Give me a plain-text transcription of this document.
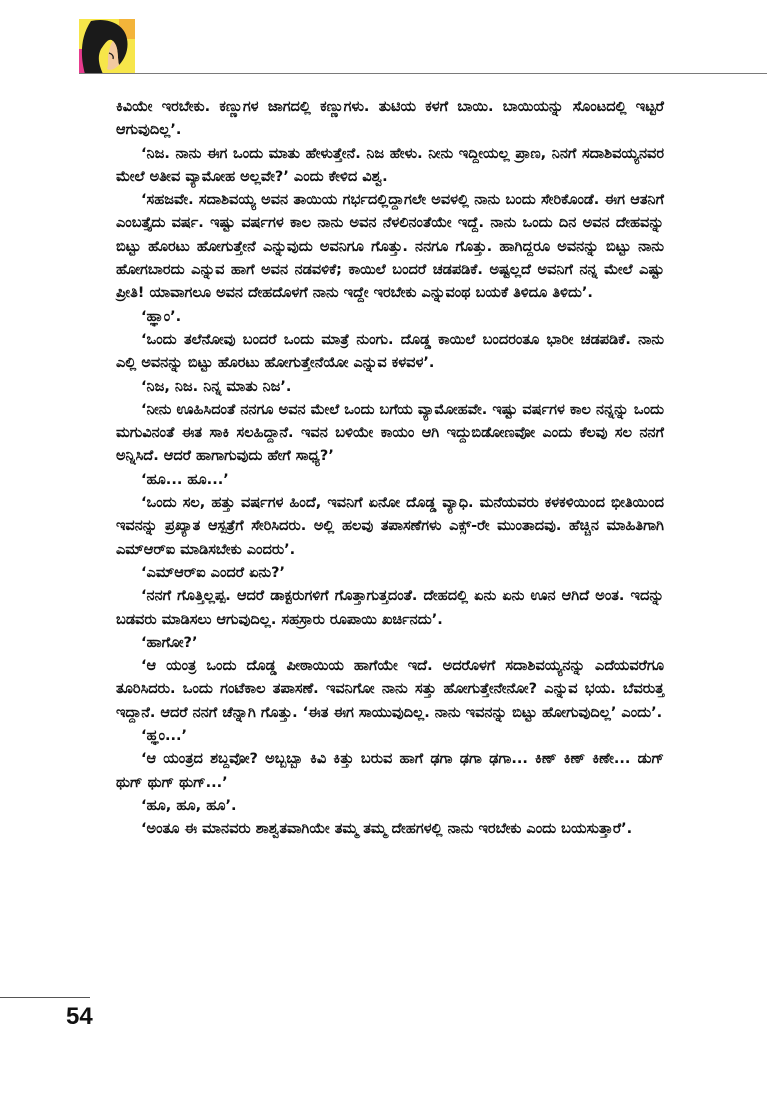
ಕಿವಿಯೇ ಇರಬೇಕು. ಕಣ್ಣುಗಳ ಜಾಗದಲ್ಲಿ ಕಣ್ಣುಗಳು. ತುಟಿಯ ಕಳಗೆ ಬಾಯಿ. ಬಾಯಿಯನ್ನು ಸೊಂಟದಲ್ಲಿ ಇಟ್ಟರೆ ಆಗುವುದಿಲ್ಲ’.

‘ನಿಜ. ನಾನು ಈಗ ಒಂದು ಮಾತು ಹೇಳುತ್ತೇನೆ. ನಿಜ ಹೇಳು. ನೀನು ಇದ್ದೀಯಲ್ಲ ಪ್ರಾಣ, ನಿನಗೆ ಸದಾಶಿವಯ್ಯನವರ ಮೇಲೆ ಅತೀವ ವ್ಯಾಮೋಹ ಅಲ್ಲವೇ?’ ಎಂದು ಕೇಳಿದ ವಿಶ್ವ.

‘ಸಹಜವೇ. ಸದಾಶಿವಯ್ಯ ಅವನ ತಾಯಿಯ ಗರ್ಭದಲ್ಲಿದ್ದಾಗಲೇ ಅವಳಲ್ಲಿ ನಾನು ಬಂದು ಸೇರಿಕೊಂಡೆ. ಈಗ ಆತನಿಗೆ ಎಂಬತ್ತೈದು ವರ್ಷ. ಇಷ್ಟು ವರ್ಷಗಳ ಕಾಲ ನಾನು ಅವನ ನೆಳಲಿನಂತೆಯೇ ಇದ್ದೆ. ನಾನು ಒಂದು ದಿನ ಅವನ ದೇಹವನ್ನು ಬಿಟ್ಟು ಹೊರಟು ಹೋಗುತ್ತೇನೆ ಎನ್ನುವುದು ಅವನಿಗೂ ಗೊತ್ತು. ನನಗೂ ಗೊತ್ತು. ಹಾಗಿದ್ದರೂ ಅವನನ್ನು ಬಿಟ್ಟು ನಾನು ಹೋಗಬಾರದು ಎನ್ನುವ ಹಾಗೆ ಅವನ ನಡವಳಿಕೆ; ಕಾಯಿಲೆ ಬಂದರೆ ಚಡಪಡಿಕೆ. ಅಷ್ಟಲ್ಲದೆ ಅವನಿಗೆ ನನ್ನ ಮೇಲೆ ಎಷ್ಟು ಪ್ರೀತಿ! ಯಾವಾಗಲೂ ಅವನ ದೇಹದೊಳಗೆ ನಾನು ಇದ್ದೇ ಇರಬೇಕು ಎನ್ನುವಂಥ ಬಯಕೆ ತಿಳಿದೂ ತಿಳಿದು’.

‘ಹ್ಞಾಂ’.

‘ಒಂದು ತಲೆನೋವು ಬಂದರೆ ಒಂದು ಮಾತ್ರೆ ನುಂಗು. ದೊಡ್ಡ ಕಾಯಿಲೆ ಬಂದರಂತೂ ಭಾರೀ ಚಡಪಡಿಕೆ. ನಾನು ಎಲ್ಲಿ ಅವನನ್ನು ಬಿಟ್ಟು ಹೊರಟು ಹೋಗುತ್ತೇನೆಯೋ ಎನ್ನುವ ಕಳವಳ’.

‘ನಿಜ, ನಿಜ. ನಿನ್ನ ಮಾತು ನಿಜ’.

‘ನೀನು ಊಹಿಸಿದಂತೆ ನನಗೂ ಅವನ ಮೇಲೆ ಒಂದು ಬಗೆಯ ವ್ಯಾಮೋಹವೇ. ಇಷ್ಟು ವರ್ಷಗಳ ಕಾಲ ನನ್ನನ್ನು ಒಂದು ಮಗುವಿನಂತೆ ಈತ ಸಾಕಿ ಸಲಹಿದ್ದಾನೆ. ಇವನ ಬಳಿಯೇ ಕಾಯಂ ಆಗಿ ಇದ್ದುಬಿಡೋಣವೋ ಎಂದು ಕೆಲವು ಸಲ ನನಗೆ ಅನ್ನಿಸಿದೆ. ಆದರೆ ಹಾಗಾಗುವುದು ಹೇಗೆ ಸಾಧ್ಯ?’

‘ಹೂ... ಹೂ...’

‘ಒಂದು ಸಲ, ಹತ್ತು ವರ್ಷಗಳ ಹಿಂದೆ, ಇವನಿಗೆ ಏನೋ ದೊಡ್ಡ ವ್ಯಾಧಿ. ಮನೆಯವರು ಕಳಕಳಿಯಿಂದ ಭೀತಿಯಿಂದ ಇವನನ್ನು ಪ್ರಖ್ಯಾತ ಆಸ್ಪತ್ರೆಗೆ ಸೇರಿಸಿದರು. ಅಲ್ಲಿ ಹಲವು ತಪಾಸಣೆಗಳು ಎಕ್ಸ್-ರೇ ಮುಂತಾದವು. ಹೆಚ್ಚಿನ ಮಾಹಿತಿಗಾಗಿ ಎಮ್‌ಆರ್‌ಐ ಮಾಡಿಸಬೇಕು ಎಂದರು’.

‘ಎಮ್‌ಆರ್‌ಐ ಎಂದರೆ ಏನು?’

‘ನನಗೆ ಗೊತ್ತಿಲ್ಲಪ್ಪ. ಆದರೆ ಡಾಕ್ಟರುಗಳಿಗೆ ಗೊತ್ತಾಗುತ್ತದಂತೆ. ದೇಹದಲ್ಲಿ ಏನು ಏನು ಊನ ಆಗಿದೆ ಅಂತ. ಇದನ್ನು ಬಡವರು ಮಾಡಿಸಲು ಆಗುವುದಿಲ್ಲ. ಸಹಸ್ರಾರು ರೂಪಾಯಿ ಖರ್ಚಿನದು’.

‘ಹಾಗೋ?’

‘ಆ ಯಂತ್ರ ಒಂದು ದೊಡ್ಡ ಪೀಠಾಯಿಯ ಹಾಗೆಯೇ ಇದೆ. ಅದರೊಳಗೆ ಸದಾಶಿವಯ್ಯನನ್ನು ಎದೆಯವರೆಗೂ ತೂರಿಸಿದರು. ಒಂದು ಗಂಟೆಕಾಲ ತಪಾಸಣೆ. ಇವನಿಗೋ ನಾನು ಸತ್ತು ಹೋಗುತ್ತೇನೇನೋ? ಎನ್ನುವ ಭಯ. ಬೆವರುತ್ತ ಇದ್ದಾನೆ. ಆದರೆ ನನಗೆ ಚೆನ್ನಾಗಿ ಗೊತ್ತು. ‘ಈತ ಈಗ ಸಾಯುವುದಿಲ್ಲ. ನಾನು ಇವನನ್ನು ಬಿಟ್ಟು ಹೋಗುವುದಿಲ್ಲ’ ಎಂದು’.

‘ಹ್ಞಂ...’

‘ಆ ಯಂತ್ರದ ಶಬ್ದವೋ? ಅಬ್ಬಬ್ಬಾ ಕಿವಿ ಕಿತ್ತು ಬರುವ ಹಾಗೆ ಢಗಾ ಢಗಾ ಢಗಾ... ಕಿಣ್ ಕಿಣ್ ಕಿಣೇ... ಡುಗ್ ಥುಗ್ ಥುಗ್ ಥುಗ್...’

‘ಹೂ, ಹೂ, ಹೂ’.

‘ಅಂತೂ ಈ ಮಾನವರು ಶಾಶ್ವತವಾಗಿಯೇ ತಮ್ಮ ತಮ್ಮ ದೇಹಗಳಲ್ಲಿ ನಾನು ಇರಬೇಕು ಎಂದು ಬಯಸುತ್ತಾರೆ’.

54
